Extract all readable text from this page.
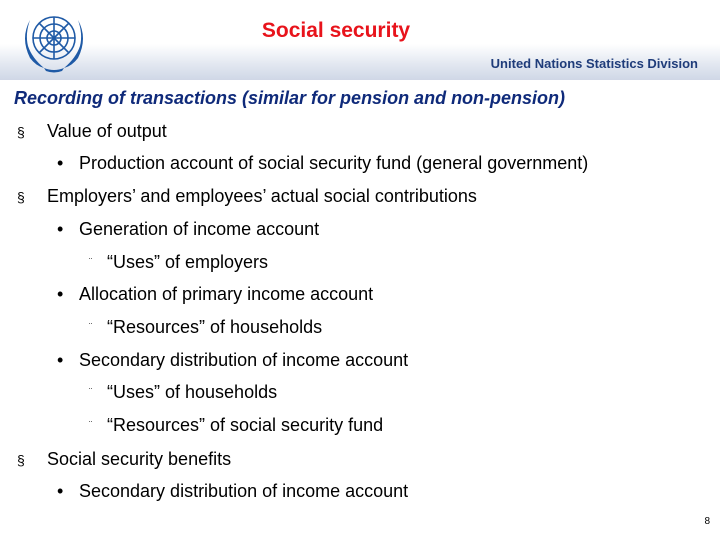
Social security
United Nations Statistics Division
Recording of transactions (similar for pension and non-pension)
§ Value of output
• Production account of social security fund (general government)
§ Employers’ and employees’ actual social contributions
• Generation of income account
¨ “Uses” of employers
• Allocation of primary income account
¨ “Resources” of households
• Secondary distribution of income account
¨ “Uses” of households
¨ “Resources” of social security fund
§ Social security benefits
• Secondary distribution of income account
8
